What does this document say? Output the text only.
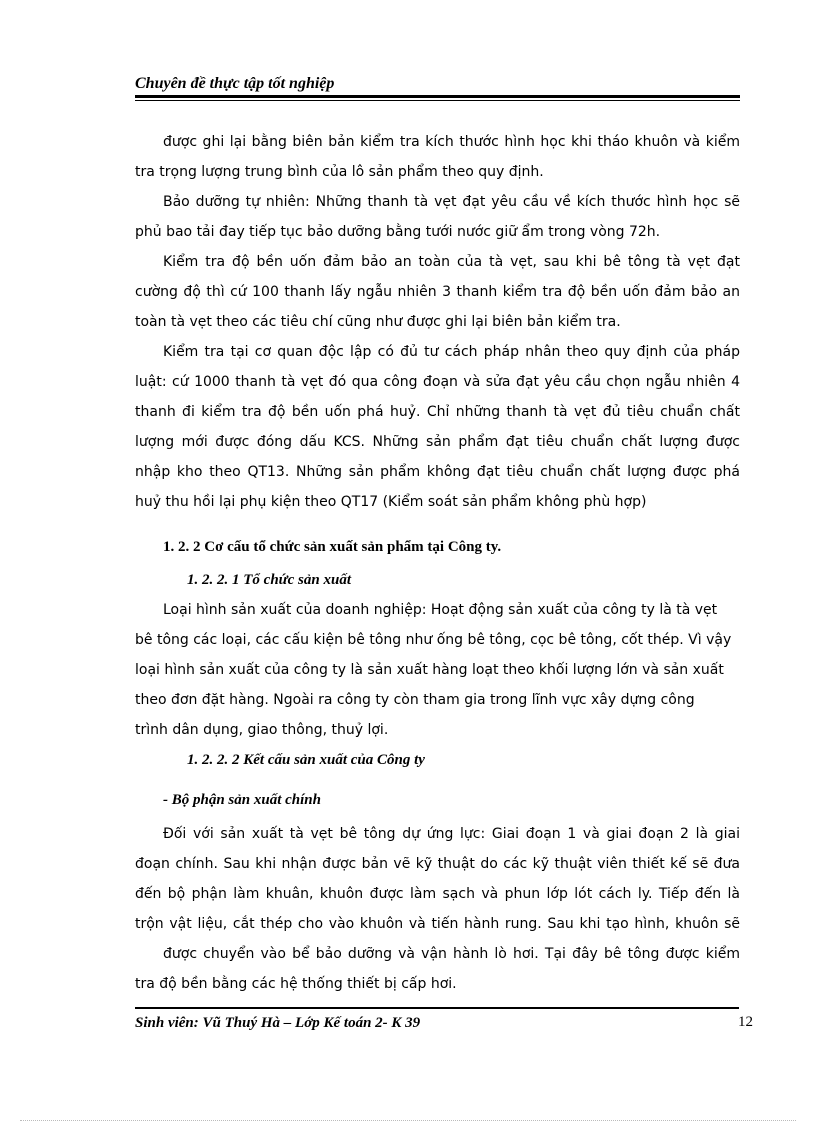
Chuyên đề thực tập tốt nghiệp
được ghi lại bằng biên bản kiểm tra kích thước hình học khi tháo khuôn và kiểm
tra trọng lượng trung bình của lô sản phẩm theo quy định.
Bảo dưỡng tự nhiên: Những thanh tà vẹt đạt yêu cầu về kích thước hình học sẽ
phủ bao tải đay tiếp tục bảo dưỡng bằng tưới nước giữ ẩm trong vòng 72h.
Kiểm tra độ bền uốn đảm bảo an toàn của tà vẹt, sau khi bê tông tà vẹt đạt
cường độ thì cứ 100 thanh lấy ngẫu nhiên 3 thanh kiểm tra độ bền uốn đảm bảo an
toàn tà vẹt theo các tiêu chí cũng như được ghi lại biên bản kiểm tra.
Kiểm tra tại cơ quan độc lập có đủ tư cách pháp nhân theo quy định của pháp
luật: cứ 1000 thanh tà vẹt đó qua công đoạn và sửa đạt yêu cầu chọn ngẫu nhiên 4
thanh đi kiểm tra độ bền uốn phá huỷ. Chỉ những thanh tà vẹt đủ tiêu chuẩn chất
lượng mới được đóng dấu KCS. Những sản phẩm đạt tiêu chuẩn chất lượng được
nhập kho theo QT13. Những sản phẩm không đạt tiêu chuẩn chất lượng được phá
huỷ thu hồi lại phụ kiện theo QT17 (Kiểm soát sản phẩm không phù hợp)
1. 2. 2 Cơ cấu tổ chức sản xuất sản phẩm tại Công ty.
1. 2. 2. 1 Tổ chức sản xuất
Loại hình sản xuất của doanh nghiệp: Hoạt động sản xuất của công ty là tà vẹt
bê tông các loại, các cấu kiện bê tông như ống bê tông, cọc bê tông, cốt thép. Vì vậy
loại hình sản xuất của công ty là sản xuất hàng loạt theo khối lượng lớn và sản xuất
theo đơn đặt hàng. Ngoài ra công ty còn tham gia trong lĩnh vực xây dựng công
trình dân dụng, giao thông, thuỷ lợi.
1. 2. 2. 2 Kết cấu sản xuất của Công ty
- Bộ phận sản xuất chính
Đối với sản xuất tà vẹt bê tông dự ứng lực: Giai đoạn 1 và giai đoạn 2 là giai
đoạn chính. Sau khi nhận được bản vẽ kỹ thuật do các kỹ thuật viên thiết kế sẽ đưa
đến bộ phận làm khuân, khuôn được làm sạch và phun lớp lót cách ly. Tiếp đến là
trộn vật liệu, cắt thép cho vào khuôn và tiến hành rung. Sau khi tạo hình, khuôn sẽ
được chuyển vào bể bảo dưỡng và vận hành lò hơi. Tại đây bê tông được kiểm
tra độ bền bằng các hệ thống thiết bị cấp hơi.
Sinh viên: Vũ Thuý Hà – Lớp Kế toán 2- K 39	12
